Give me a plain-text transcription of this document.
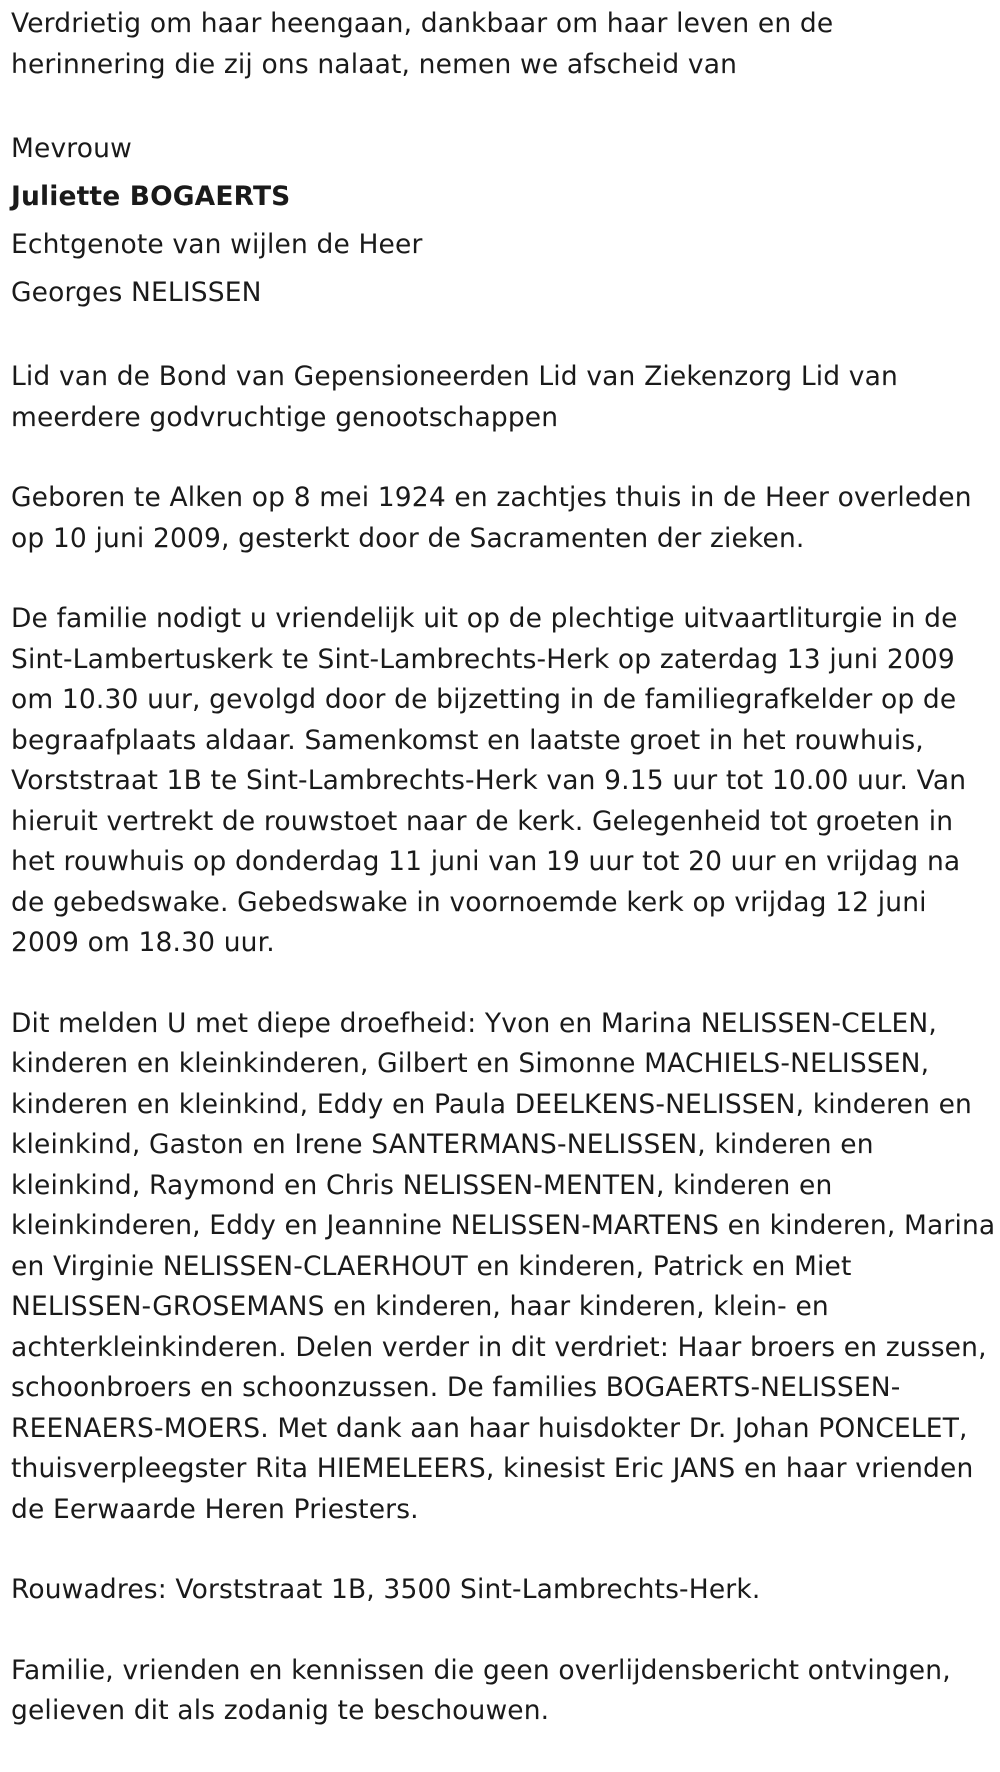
Verdrietig om haar heengaan, dankbaar om haar leven en de herinnering die zij ons nalaat, nemen we afscheid van

Mevrouw
Juliette BOGAERTS
Echtgenote van wijlen de Heer
Georges NELISSEN

Lid van de Bond van Gepensioneerden Lid van Ziekenzorg Lid van meerdere godvruchtige genootschappen

Geboren te Alken op 8 mei 1924 en zachtjes thuis in de Heer overleden op 10 juni 2009, gesterkt door de Sacramenten der zieken.

De familie nodigt u vriendelijk uit op de plechtige uitvaartliturgie in de Sint-Lambertuskerk te Sint-Lambrechts-Herk op zaterdag 13 juni 2009 om 10.30 uur, gevolgd door de bijzetting in de familiegrafkelder op de begraafplaats aldaar. Samenkomst en laatste groet in het rouwhuis, Vorststraat 1B te Sint-Lambrechts-Herk van 9.15 uur tot 10.00 uur. Van hieruit vertrekt de rouwstoet naar de kerk. Gelegenheid tot groeten in het rouwhuis op donderdag 11 juni van 19 uur tot 20 uur en vrijdag na de gebedswake. Gebedswake in voornoemde kerk op vrijdag 12 juni 2009 om 18.30 uur.

Dit melden U met diepe droefheid: Yvon en Marina NELISSEN-CELEN, kinderen en kleinkinderen, Gilbert en Simonne MACHIELS-NELISSEN, kinderen en kleinkind, Eddy en Paula DEELKENS-NELISSEN, kinderen en kleinkind, Gaston en Irene SANTERMANS-NELISSEN, kinderen en kleinkind, Raymond en Chris NELISSEN-MENTEN, kinderen en kleinkinderen, Eddy en Jeannine NELISSEN-MARTENS en kinderen, Marina en Virginie NELISSEN-CLAERHOUT en kinderen, Patrick en Miet NELISSEN-GROSEMANS en kinderen, haar kinderen, klein- en achterkleinkinderen. Delen verder in dit verdriet: Haar broers en zussen, schoonbroers en schoonzussen. De families BOGAERTS-NELISSEN-REENAERS-MOERS. Met dank aan haar huisdokter Dr. Johan PONCELET, thuisverpleegster Rita HIEMELEERS, kinesist Eric JANS en haar vrienden de Eerwaarde Heren Priesters.

Rouwadres: Vorststraat 1B, 3500 Sint-Lambrechts-Herk.

Familie, vrienden en kennissen die geen overlijdensbericht ontvingen, gelieven dit als zodanig te beschouwen.
